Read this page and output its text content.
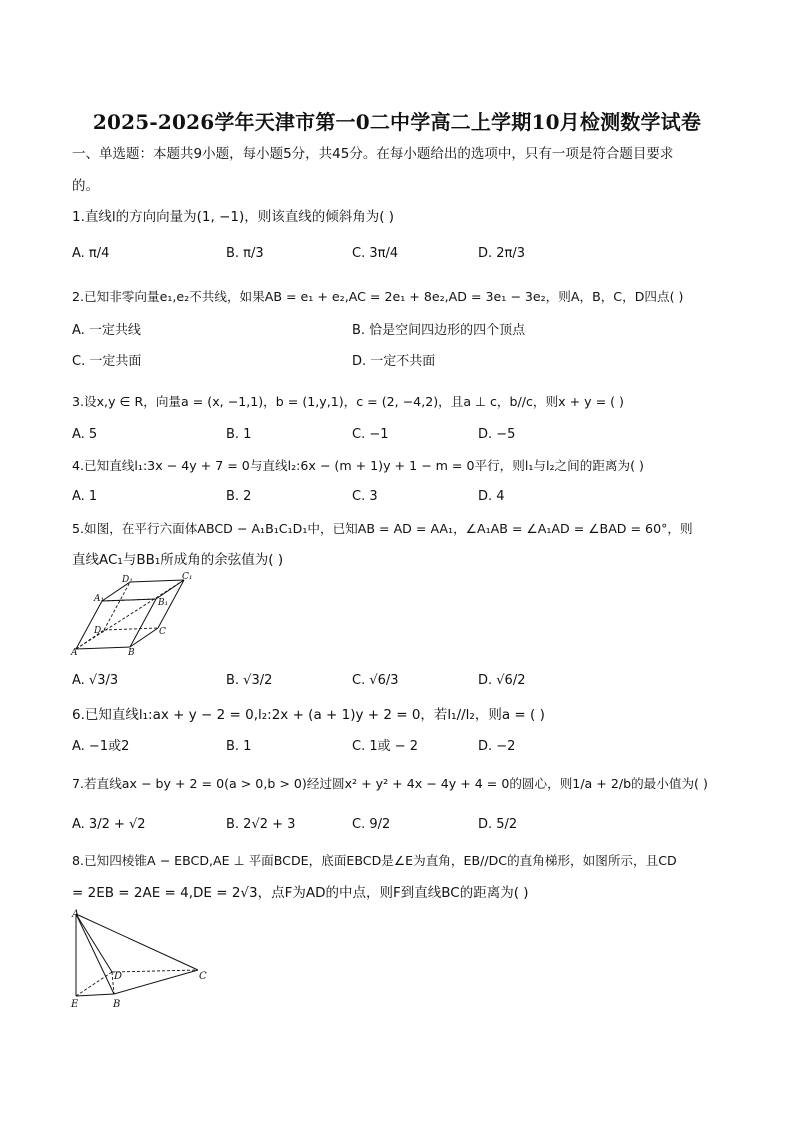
2025-2026学年天津市第一0二中学高二上学期10月检测数学试卷
一、单选题：本题共9小题，每小题5分，共45分。在每小题给出的选项中，只有一项是符合题目要求
的。
1.直线l的方向向量为(1, −1)，则该直线的倾斜角为( )
A. π/4	B. π/3	C. 3π/4	D. 2π/3
2.已知非零向量e₁,e₂不共线，如果AB = e₁ + e₂,AC = 2e₁ + 8e₂,AD = 3e₁ − 3e₂，则A，B，C，D四点( )
A. 一定共线	B. 恰是空间四边形的四个顶点
C. 一定共面	D. 一定不共面
3.设x,y ∈ R，向量a = (x, −1,1)，b = (1,y,1)，c = (2, −4,2)，且a ⊥ c，b//c，则x + y = ( )
A. 5	B. 1	C. −1	D. −5
4.已知直线l₁:3x − 4y + 7 = 0与直线l₂:6x − (m + 1)y + 1 − m = 0平行，则l₁与l₂之间的距离为( )
A. 1	B. 2	C. 3	D. 4
5.如图，在平行六面体ABCD − A₁B₁C₁D₁中，已知AB = AD = AA₁，∠A₁AB = ∠A₁AD = ∠BAD = 60°，则
直线AC₁与BB₁所成角的余弦值为( )
D₁	C₁
A₁	B₁
D	C
A	B
A. √3/3	B. √3/2	C. √6/3	D. √6/2
6.已知直线l₁:ax + y − 2 = 0,l₂:2x + (a + 1)y + 2 = 0，若l₁//l₂，则a = ( )
A. −1或2	B. 1	C. 1或 − 2	D. −2
7.若直线ax − by + 2 = 0(a > 0,b > 0)经过圆x² + y² + 4x − 4y + 4 = 0的圆心，则1/a + 2/b的最小值为( )
A. 3/2 + √2	B. 2√2 + 3	C. 9/2	D. 5/2
8.已知四棱锥A − EBCD,AE ⊥ 平面BCDE，底面EBCD是∠E为直角，EB//DC的直角梯形，如图所示，且CD
= 2EB = 2AE = 4,DE = 2√3，点F为AD的中点，则F到直线BC的距离为( )
A
D	C
E	B
